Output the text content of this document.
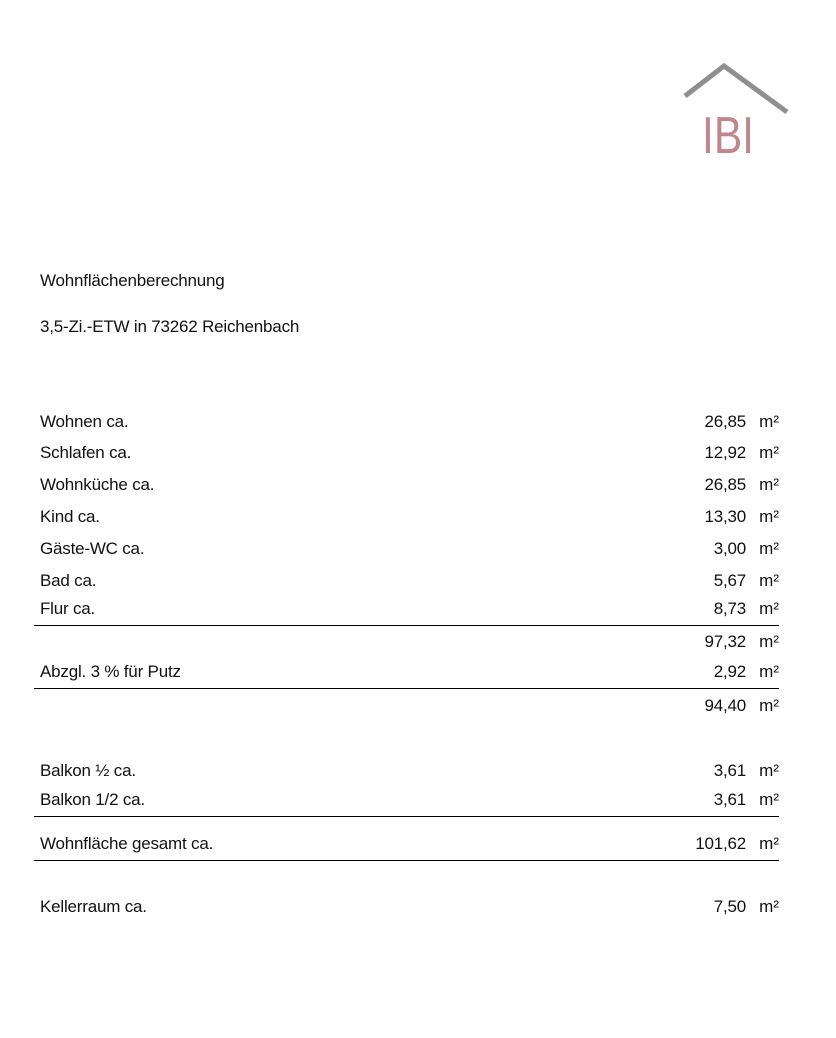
IBI
Wohnflächenberechnung
3,5-Zi.-ETW in 73262 Reichenbach
Wohnen ca.	26,85 m²
Schlafen ca.	12,92 m²
Wohnküche ca.	26,85 m²
Kind ca.	13,30 m²
Gäste-WC ca.	3,00 m²
Bad ca.	5,67 m²
Flur ca.	8,73 m²
97,32 m²
Abzgl. 3 % für Putz	2,92 m²
94,40 m²
Balkon ½ ca.	3,61 m²
Balkon 1/2 ca.	3,61 m²
Wohnfläche gesamt ca.	101,62 m²
Kellerraum ca.	7,50 m²
